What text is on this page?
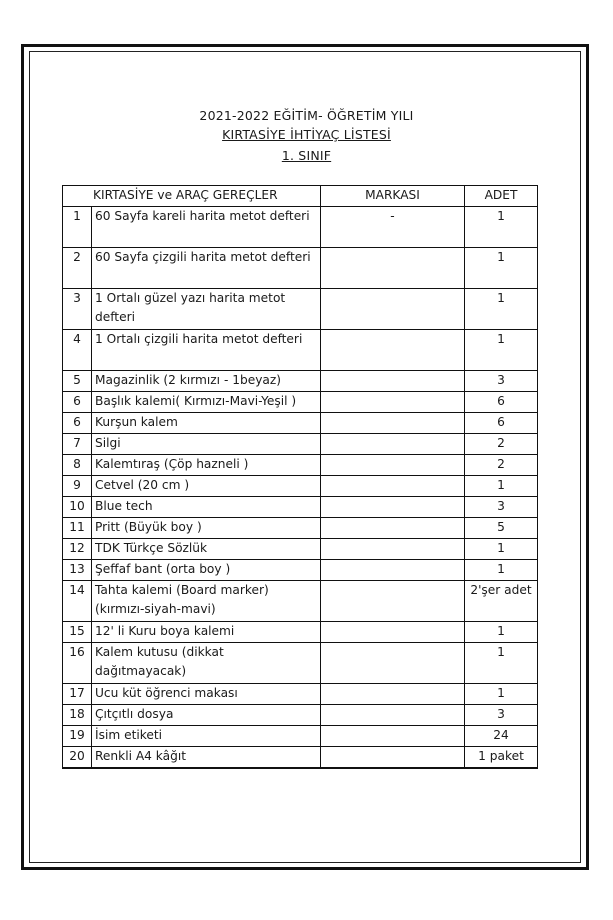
2021-2022 EĞİTİM- ÖĞRETİM YILI
KIRTASİYE İHTİYAÇ LİSTESİ
1. SINIF
KIRTASİYE ve ARAÇ GEREÇLER		MARKASI	ADET
1	60 Sayfa kareli harita metot defteri	-	1
2	60 Sayfa çizgili harita metot defteri		1
3	1 Ortalı güzel yazı harita metot defteri		1
4	1 Ortalı çizgili harita metot defteri		1
5	Magazinlik (2 kırmızı - 1beyaz)		3
6	Başlık kalemi( Kırmızı-Mavi-Yeşil )		6
6	Kurşun kalem		6
7	Silgi		2
8	Kalemtıraş (Çöp hazneli )		2
9	Cetvel (20 cm )		1
10	Blue tech		3
11	Pritt (Büyük boy )		5
12	TDK Türkçe Sözlük		1
13	Şeffaf bant (orta boy )		1
14	Tahta kalemi (Board marker)(kırmızı-siyah-mavi)		2'şer adet
15	12' li Kuru boya kalemi		1
16	Kalem kutusu (dikkat dağıtmayacak)		1
17	Ucu küt öğrenci makası		1
18	Çıtçıtlı dosya		3
19	İsim etiketi		24
20	Renkli A4 kâğıt		1 paket
